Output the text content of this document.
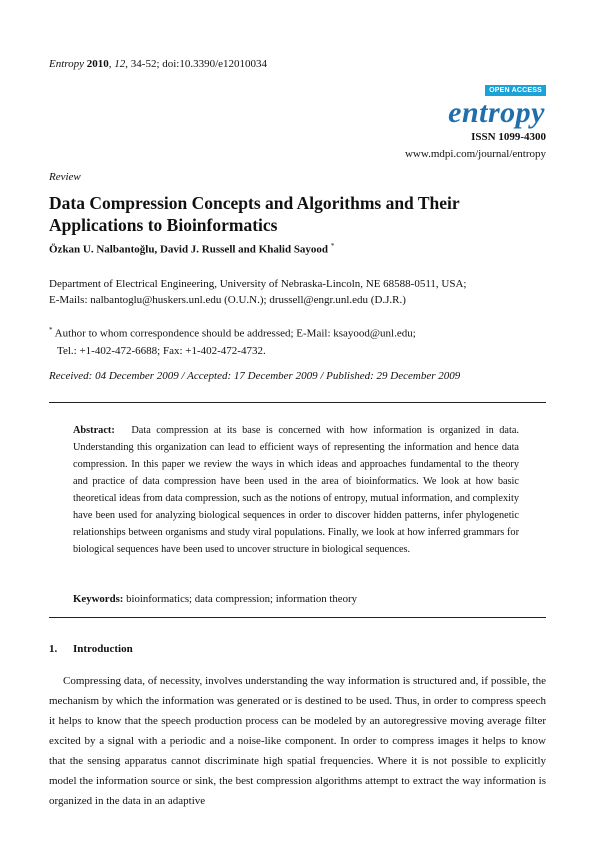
Entropy 2010, 12, 34-52; doi:10.3390/e12010034
OPEN ACCESS
entropy
ISSN 1099-4300
www.mdpi.com/journal/entropy
Review
Data Compression Concepts and Algorithms and Their Applications to Bioinformatics
Özkan U. Nalbantoğlu, David J. Russell and Khalid Sayood *
Department of Electrical Engineering, University of Nebraska-Lincoln, NE 68588-0511, USA;
E-Mails: nalbantoglu@huskers.unl.edu (O.U.N.); drussell@engr.unl.edu (D.J.R.)
* Author to whom correspondence should be addressed; E-Mail: ksayood@unl.edu;
Tel.: +1-402-472-6688; Fax: +1-402-472-4732.
Received: 04 December 2009 / Accepted: 17 December 2009 / Published: 29 December 2009
Abstract: Data compression at its base is concerned with how information is organized in data. Understanding this organization can lead to efficient ways of representing the information and hence data compression. In this paper we review the ways in which ideas and approaches fundamental to the theory and practice of data compression have been used in the area of bioinformatics. We look at how basic theoretical ideas from data compression, such as the notions of entropy, mutual information, and complexity have been used for analyzing biological sequences in order to discover hidden patterns, infer phylogenetic relationships between organisms and study viral populations. Finally, we look at how inferred grammars for biological sequences have been used to uncover structure in biological sequences.
Keywords: bioinformatics; data compression; information theory
1. Introduction
Compressing data, of necessity, involves understanding the way information is structured and, if possible, the mechanism by which the information was generated or is destined to be used. Thus, in order to compress speech it helps to know that the speech production process can be modeled by an autoregressive moving average filter excited by a signal with a periodic and a noise-like component. In order to compress images it helps to know that the sensing apparatus cannot discriminate high spatial frequencies. Where it is not possible to explicitly model the information source or sink, the best compression algorithms attempt to extract the way information is organized in the data in an adaptive
